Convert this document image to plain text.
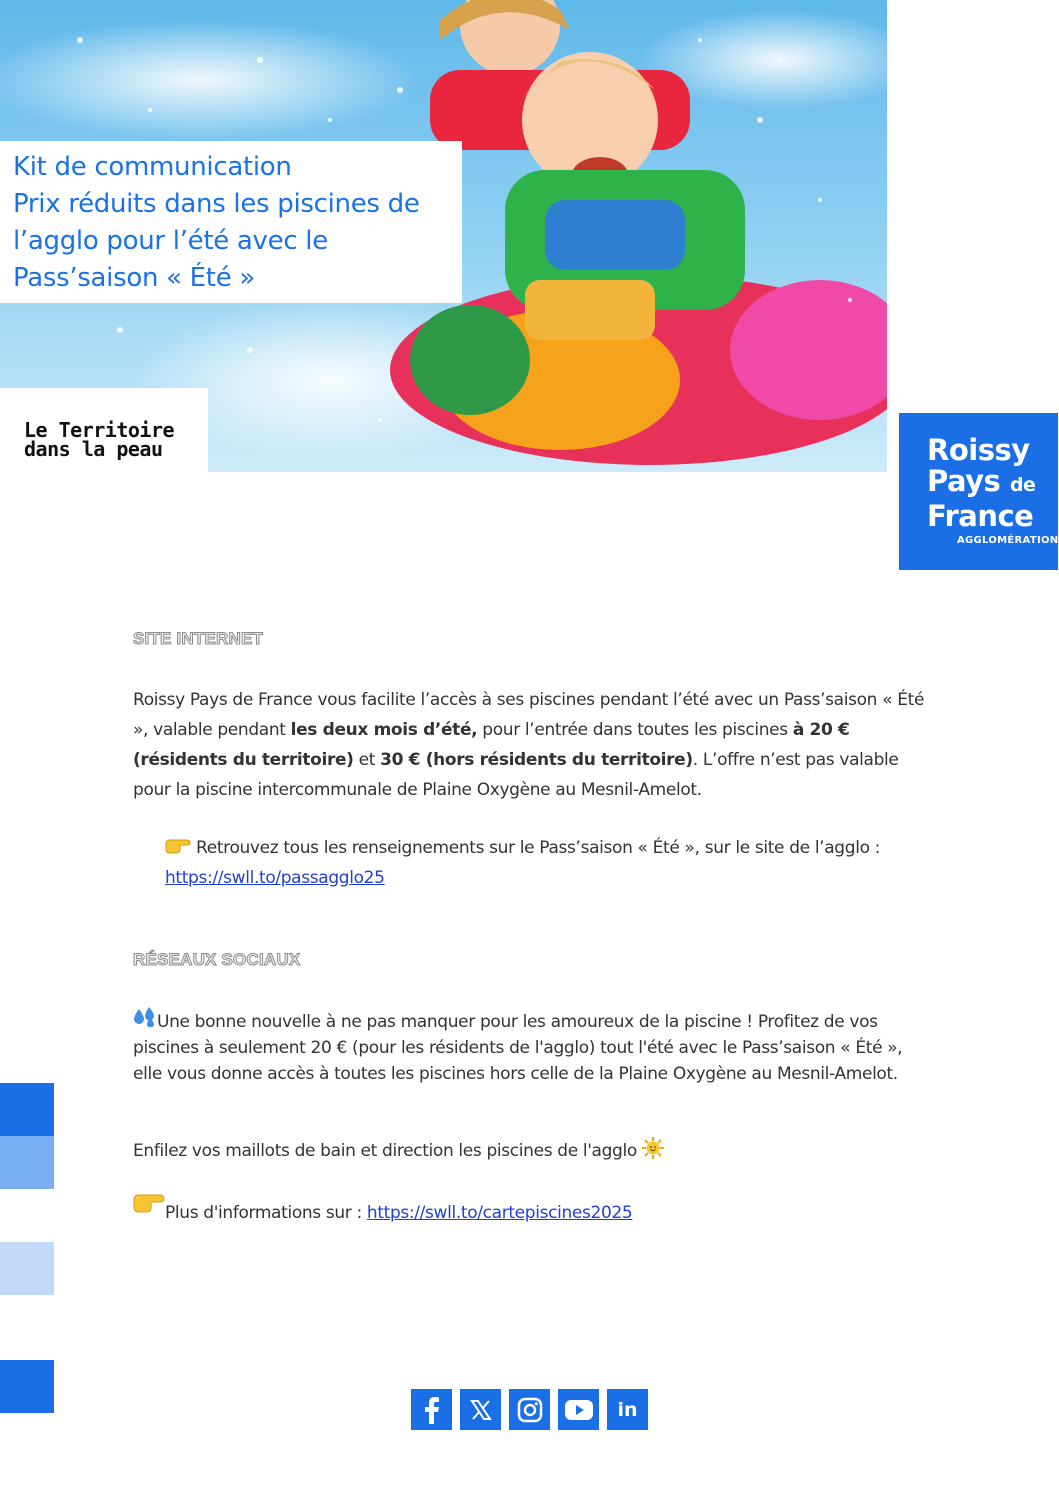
Kit de communication
Prix réduits dans les piscines de
l’agglo pour l’été avec le
Pass’saison « Été »
Le Territoire
dans la peau	Roissy
Pays de
France
AGGLOMÉRATION
SITE INTERNET
Roissy Pays de France vous facilite l’accès à ses piscines pendant l’été avec un Pass’saison « Été », valable pendant les deux mois d’été, pour l’entrée dans toutes les piscines à 20 € (résidents du territoire) et 30 € (hors résidents du territoire). L’offre n’est pas valable pour la piscine intercommunale de Plaine Oxygène au Mesnil-Amelot.
Retrouvez tous les renseignements sur le Pass’saison « Été », sur le site de l’agglo :
https://swll.to/passagglo25
RÉSEAUX SOCIAUX
Une bonne nouvelle à ne pas manquer pour les amoureux de la piscine ! Profitez de vos piscines à seulement 20 € (pour les résidents de l'agglo) tout l'été avec le Pass’saison « Été », elle vous donne accès à toutes les piscines hors celle de la Plaine Oxygène au Mesnil-Amelot.
Enfilez vos maillots de bain et direction les piscines de l'agglo
Plus d'informations sur : https://swll.to/cartepiscines2025
in
